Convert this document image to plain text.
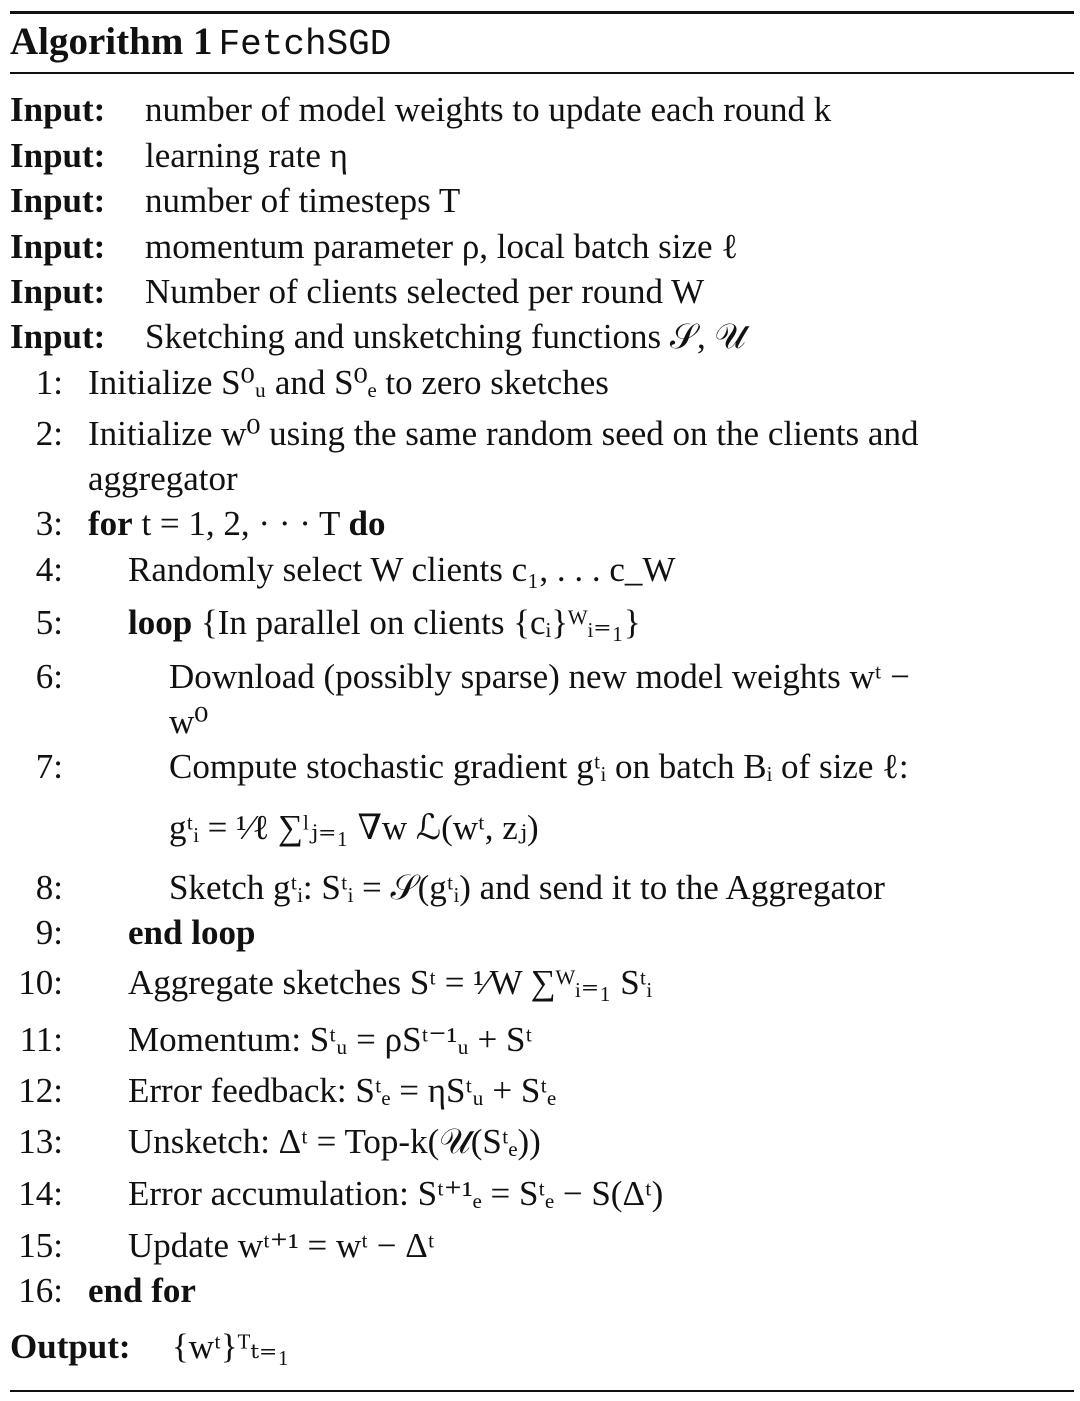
Algorithm 1 FetchSGD
Input: number of model weights to update each round k
Input: learning rate η
Input: number of timesteps T
Input: momentum parameter ρ, local batch size ℓ
Input: Number of clients selected per round W
Input: Sketching and unsketching functions 𝒮, 𝒰
1: Initialize S⁰ᵤ and S⁰ₑ to zero sketches
2: Initialize w⁰ using the same random seed on the clients and
aggregator
3: for t = 1, 2, · · · T do
4: Randomly select W clients c₁, . . . c_W
5: loop {In parallel on clients {cᵢ}ᵂᵢ₌₁}
6:	Download (possibly sparse) new model weights wᵗ −
w⁰
7:	Compute stochastic gradient gᵗᵢ on batch Bᵢ of size ℓ:
gᵗᵢ = ¹⁄ℓ ∑ˡⱼ₌₁ ∇w ℒ(wᵗ, zⱼ)
8:	Sketch gᵗᵢ: Sᵗᵢ = 𝒮(gᵗᵢ) and send it to the Aggregator
9: end loop
10: Aggregate sketches Sᵗ = ¹⁄W ∑ᵂᵢ₌₁ Sᵗᵢ
11: Momentum: Sᵗᵤ = ρSᵗ⁻¹ᵤ + Sᵗ
12: Error feedback: Sᵗₑ = ηSᵗᵤ + Sᵗₑ
13: Unsketch: Δᵗ = Top-k(𝒰(Sᵗₑ))
14: Error accumulation: Sᵗ⁺¹ₑ = Sᵗₑ − S(Δᵗ)
15: Update wᵗ⁺¹ = wᵗ − Δᵗ
16: end for
Output: {wᵗ}ᵀₜ₌₁
